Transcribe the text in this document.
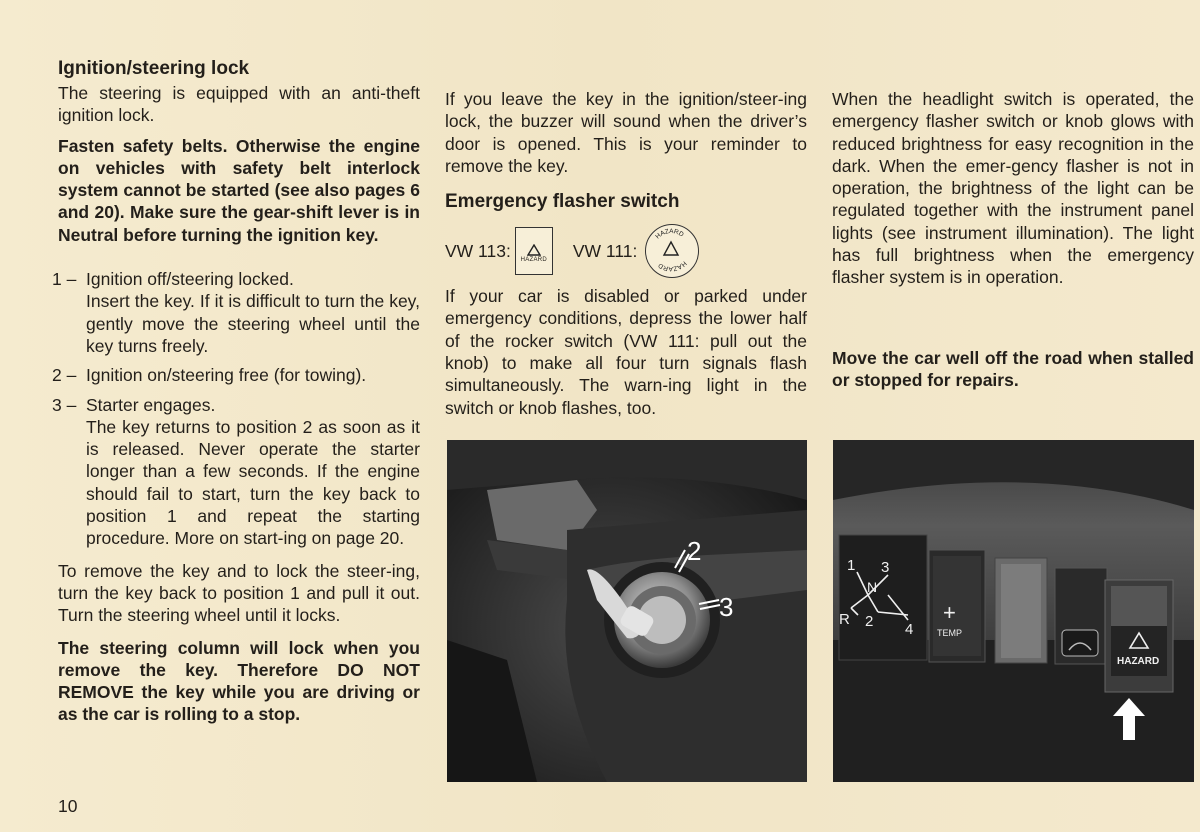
Ignition/steering lock

The steering is equipped with an anti-theft ignition lock.

Fasten safety belts. Otherwise the engine on vehicles with safety belt interlock system cannot be started (see also pages 6 and 20). Make sure the gear-shift lever is in Neutral before turning the ignition key.

1 – Ignition off/steering locked.
Insert the key. If it is difficult to turn the key, gently move the steering wheel until the key turns freely.
2 – Ignition on/steering free (for towing).
3 – Starter engages.
The key returns to position 2 as soon as it is released. Never operate the starter longer than a few seconds. If the engine should fail to start, turn the key back to position 1 and repeat the starting procedure. More on start-ing on page 20.

To remove the key and to lock the steer-ing, turn the key back to position 1 and pull it out. Turn the steering wheel until it locks.

The steering column will lock when you remove the key. Therefore DO NOT REMOVE the key while you are driving or as the car is rolling to a stop.

If you leave the key in the ignition/steer-ing lock, the buzzer will sound when the driver’s door is opened. This is your reminder to remove the key.

Emergency flasher switch
VW 113:	HAZARD VW 111:
HAZARD
HAZARD

If your car is disabled or parked under emergency conditions, depress the lower half of the rocker switch (VW 111: pull out the knob) to make all four turn signals flash simultaneously. The warn-ing light in the switch or knob flashes, too.

When the headlight switch is operated, the emergency flasher switch or knob glows with reduced brightness for easy recognition in the dark. When the emer-gency flasher is not in operation, the brightness of the light can be regulated together with the instrument panel lights (see instrument illumination). The light has full brightness when the emergency flasher system is in operation.

Move the car well off the road when stalled or stopped for repairs.

2
3
1 3
N
R 2 4
+
TEMP
HAZARD
10
